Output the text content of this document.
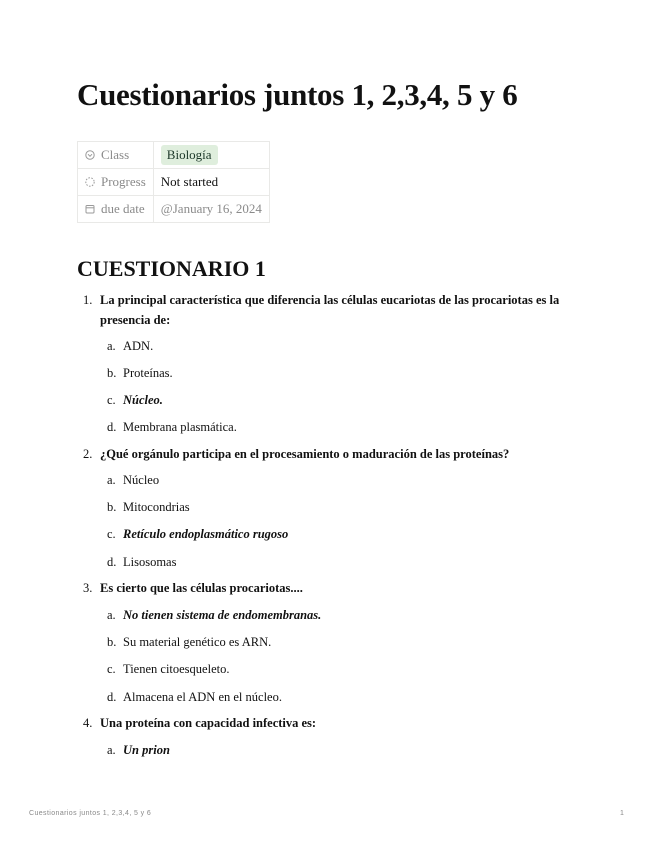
Cuestionarios juntos 1, 2,3,4, 5 y 6
Class	Biología
Progress	Not started
due date	@January 16, 2024
CUESTIONARIO 1
1. La principal característica que diferencia las células eucariotas de las procariotas es la presencia de:
a. ADN.
b. Proteínas.
c. Núcleo.
d. Membrana plasmática.
2. ¿Qué orgánulo participa en el procesamiento o maduración de las proteínas?
a. Núcleo
b. Mitocondrias
c. Retículo endoplasmático rugoso
d. Lisosomas
3. Es cierto que las células procariotas....
a. No tienen sistema de endomembranas.
b. Su material genético es ARN.
c. Tienen citoesqueleto.
d. Almacena el ADN en el núcleo.
4. Una proteína con capacidad infectiva es:
a. Un prion
Cuestionarios juntos 1, 2,3,4, 5 y 6	1
